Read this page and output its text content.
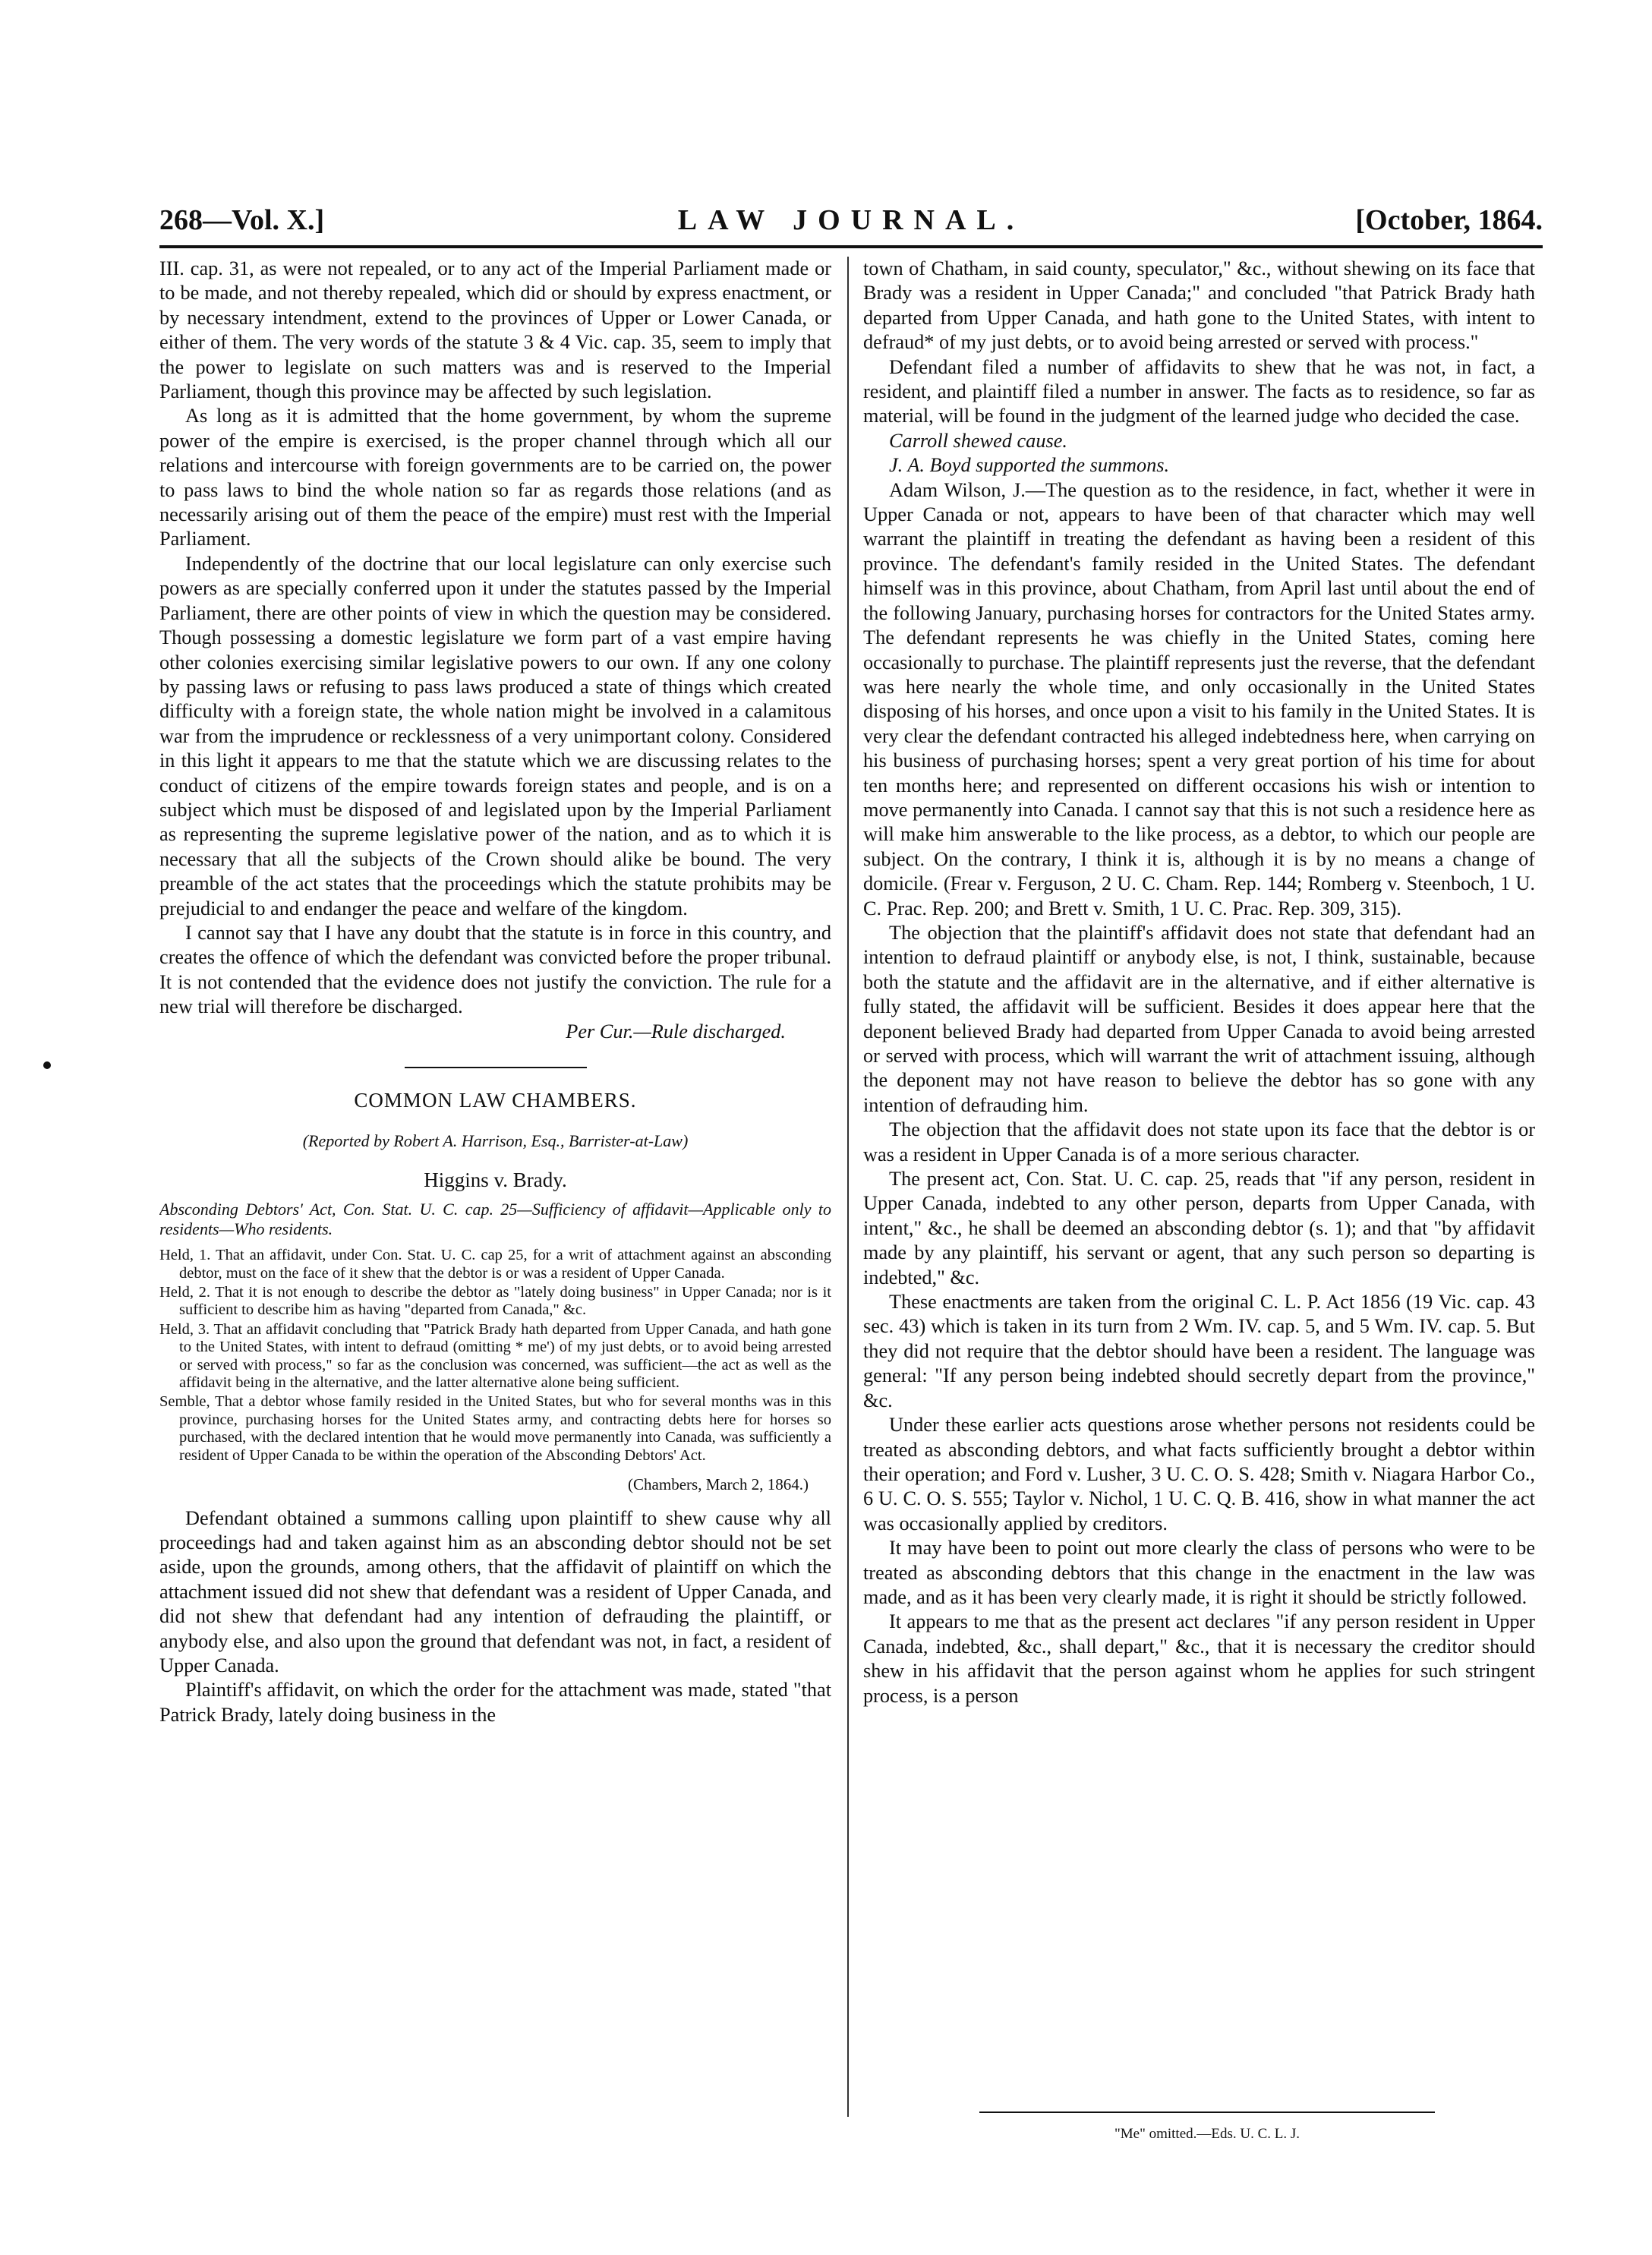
268—Vol. X.]	LAW JOURNAL.	[October, 1864.

III. cap. 31, as were not repealed, or to any act of the Imperial Parliament made or to be made, and not thereby repealed, which did or should by express enactment, or by necessary intendment, extend to the provinces of Upper or Lower Canada, or either of them. The very words of the statute 3 & 4 Vic. cap. 35, seem to imply that the power to legislate on such matters was and is reserved to the Imperial Parliament, though this province may be affected by such legislation.

As long as it is admitted that the home government, by whom the supreme power of the empire is exercised, is the proper channel through which all our relations and intercourse with foreign governments are to be carried on, the power to pass laws to bind the whole nation so far as regards those relations (and as necessarily arising out of them the peace of the empire) must rest with the Imperial Parliament.

Independently of the doctrine that our local legislature can only exercise such powers as are specially conferred upon it under the statutes passed by the Imperial Parliament, there are other points of view in which the question may be considered. Though possessing a domestic legislature we form part of a vast empire having other colonies exercising similar legislative powers to our own. If any one colony by passing laws or refusing to pass laws produced a state of things which created difficulty with a foreign state, the whole nation might be involved in a calamitous war from the imprudence or recklessness of a very unimportant colony. Considered in this light it appears to me that the statute which we are discussing relates to the conduct of citizens of the empire towards foreign states and people, and is on a subject which must be disposed of and legislated upon by the Imperial Parliament as representing the supreme legislative power of the nation, and as to which it is necessary that all the subjects of the Crown should alike be bound. The very preamble of the act states that the proceedings which the statute prohibits may be prejudicial to and endanger the peace and welfare of the kingdom.

I cannot say that I have any doubt that the statute is in force in this country, and creates the offence of which the defendant was convicted before the proper tribunal. It is not contended that the evidence does not justify the conviction. The rule for a new trial will therefore be discharged.

Per Cur.—Rule discharged.

COMMON LAW CHAMBERS.
(Reported by Robert A. Harrison, Esq., Barrister-at-Law)
Higgins v. Brady.

Absconding Debtors' Act, Con. Stat. U. C. cap. 25—Sufficiency of affidavit—Applicable only to residents—Who residents.

Held, 1. That an affidavit, under Con. Stat. U. C. cap 25, for a writ of attachment against an absconding debtor, must on the face of it shew that the debtor is or was a resident of Upper Canada.

Held, 2. That it is not enough to describe the debtor as "lately doing business" in Upper Canada; nor is it sufficient to describe him as having "departed from Canada," &c.

Held, 3. That an affidavit concluding that "Patrick Brady hath departed from Upper Canada, and hath gone to the United States, with intent to defraud (omitting * me') of my just debts, or to avoid being arrested or served with process," so far as the conclusion was concerned, was sufficient—the act as well as the affidavit being in the alternative, and the latter alternative alone being sufficient.

Semble, That a debtor whose family resided in the United States, but who for several months was in this province, purchasing horses for the United States army, and contracting debts here for horses so purchased, with the declared intention that he would move permanently into Canada, was sufficiently a resident of Upper Canada to be within the operation of the Absconding Debtors' Act.

(Chambers, March 2, 1864.)

Defendant obtained a summons calling upon plaintiff to shew cause why all proceedings had and taken against him as an absconding debtor should not be set aside, upon the grounds, among others, that the affidavit of plaintiff on which the attachment issued did not shew that defendant was a resident of Upper Canada, and did not shew that defendant had any intention of defrauding the plaintiff, or anybody else, and also upon the ground that defendant was not, in fact, a resident of Upper Canada.

Plaintiff's affidavit, on which the order for the attachment was made, stated "that Patrick Brady, lately doing business in the

town of Chatham, in said county, speculator," &c., without shewing on its face that Brady was a resident in Upper Canada;" and concluded "that Patrick Brady hath departed from Upper Canada, and hath gone to the United States, with intent to defraud* of my just debts, or to avoid being arrested or served with process."

Defendant filed a number of affidavits to shew that he was not, in fact, a resident, and plaintiff filed a number in answer. The facts as to residence, so far as material, will be found in the judgment of the learned judge who decided the case.

Carroll shewed cause.

J. A. Boyd supported the summons.

Adam Wilson, J.—The question as to the residence, in fact, whether it were in Upper Canada or not, appears to have been of that character which may well warrant the plaintiff in treating the defendant as having been a resident of this province. The defendant's family resided in the United States. The defendant himself was in this province, about Chatham, from April last until about the end of the following January, purchasing horses for contractors for the United States army. The defendant represents he was chiefly in the United States, coming here occasionally to purchase. The plaintiff represents just the reverse, that the defendant was here nearly the whole time, and only occasionally in the United States disposing of his horses, and once upon a visit to his family in the United States. It is very clear the defendant contracted his alleged indebtedness here, when carrying on his business of purchasing horses; spent a very great portion of his time for about ten months here; and represented on different occasions his wish or intention to move permanently into Canada. I cannot say that this is not such a residence here as will make him answerable to the like process, as a debtor, to which our people are subject. On the contrary, I think it is, although it is by no means a change of domicile. (Frear v. Ferguson, 2 U. C. Cham. Rep. 144; Romberg v. Steenboch, 1 U. C. Prac. Rep. 200; and Brett v. Smith, 1 U. C. Prac. Rep. 309, 315).

The objection that the plaintiff's affidavit does not state that defendant had an intention to defraud plaintiff or anybody else, is not, I think, sustainable, because both the statute and the affidavit are in the alternative, and if either alternative is fully stated, the affidavit will be sufficient. Besides it does appear here that the deponent believed Brady had departed from Upper Canada to avoid being arrested or served with process, which will warrant the writ of attachment issuing, although the deponent may not have reason to believe the debtor has so gone with any intention of defrauding him.

The objection that the affidavit does not state upon its face that the debtor is or was a resident in Upper Canada is of a more serious character.

The present act, Con. Stat. U. C. cap. 25, reads that "if any person, resident in Upper Canada, indebted to any other person, departs from Upper Canada, with intent," &c., he shall be deemed an absconding debtor (s. 1); and that "by affidavit made by any plaintiff, his servant or agent, that any such person so departing is indebted," &c.

These enactments are taken from the original C. L. P. Act 1856 (19 Vic. cap. 43 sec. 43) which is taken in its turn from 2 Wm. IV. cap. 5, and 5 Wm. IV. cap. 5. But they did not require that the debtor should have been a resident. The language was general: "If any person being indebted should secretly depart from the province," &c.

Under these earlier acts questions arose whether persons not residents could be treated as absconding debtors, and what facts sufficiently brought a debtor within their operation; and Ford v. Lusher, 3 U. C. O. S. 428; Smith v. Niagara Harbor Co., 6 U. C. O. S. 555; Taylor v. Nichol, 1 U. C. Q. B. 416, show in what manner the act was occasionally applied by creditors.

It may have been to point out more clearly the class of persons who were to be treated as absconding debtors that this change in the enactment in the law was made, and as it has been very clearly made, it is right it should be strictly followed.

It appears to me that as the present act declares "if any person resident in Upper Canada, indebted, &c., shall depart," &c., that it is necessary the creditor should shew in his affidavit that the person against whom he applies for such stringent process, is a person

"Me" omitted.—Eds. U. C. L. J.
